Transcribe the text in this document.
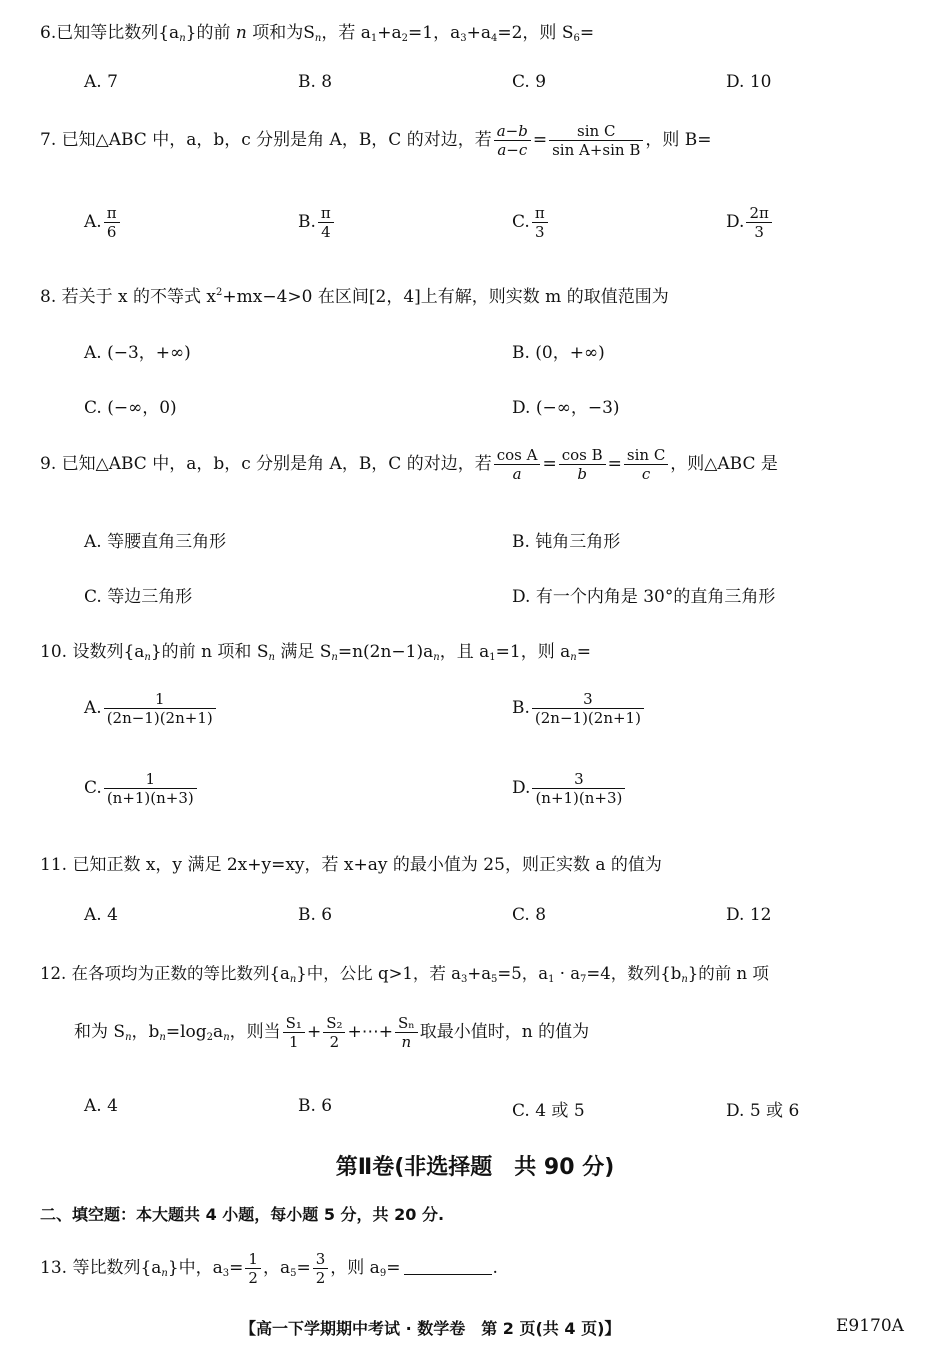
6.已知等比数列$\{a_n\}$的前 n 项和为$S_n$，若 $a_1+a_2=1$，$a_3+a_4=2$，则 $S_6=$
A. 7	B. 8	C. 9	D. 10
7. 已知△ABC 中，a，b，c 分别是角 A，B，C 的对边，若 $\frac{a-b}{a-c} = \frac{\text{sin C}}{\text{sin A+sin B}}$ ，则 B=
A. $\frac{\pi}{6}$	B. $\frac{\pi}{4}$	C. $\frac{\pi}{3}$	D. $\frac{2\pi}{3}$
8. 若关于 x 的不等式 $x^2+mx-4>0$ 在区间[2，4]上有解，则实数 m 的取值范围为
A. (−3，+∞)	B. (0，+∞)
C. (−∞，0)	D. (−∞，−3)
9. 已知△ABC 中，a，b，c 分别是角 A，B，C 的对边，若 $\frac{\text{cos A}}{a} = \frac{\text{cos B}}{b} = \frac{\text{sin C}}{c}$ ，则△ABC 是
A. 等腰直角三角形	B. 钝角三角形
C. 等边三角形	D. 有一个内角是 30°的直角三角形
10. 设数列$\{a_n\}$的前 n 项和 $S_n$ 满足 $S_n=n(2n-1)a_n$，且 $a_1=1$，则 $a_n=$
A. $\frac{1}{(2n-1)(2n+1)}$	B. $\frac{3}{(2n-1)(2n+1)}$
C. $\frac{1}{(n+1)(n+3)}$	D. $\frac{3}{(n+1)(n+3)}$
11. 已知正数 x，y 满足 2x+y=xy，若 x+ay 的最小值为 25，则正实数 a 的值为
A. 4	B. 6	C. 8	D. 12
12. 在各项均为正数的等比数列$\{a_n\}$中，公比 q>1，若 $a_3+a_5=5$，$a_1 \cdot a_7=4$，数列$\{b_n\}$的前 n 项
和为 $S_n$，$b_n=\log_2a_n$，则当 $\frac{\text{S₁}}{1} + \frac{\text{S₂}}{2}$ +⋯+ $\frac{\text{Sₙ}}{n}$ 取最小值时，n 的值为
A. 4	B. 6	C. 4 或 5	D. 5 或 6
第Ⅱ卷(非选择题　共 90 分)
二、填空题：本大题共 4 小题，每小题 5 分，共 20 分.
13. 等比数列$\{a_n\}$中，$a_3= \frac{1}{2}$ ，$a_5= \frac{3}{2}$ ，则 $a_9=$	.
【高一下学期期中考试 · 数学卷　第 2 页(共 4 页)】	E9170A
